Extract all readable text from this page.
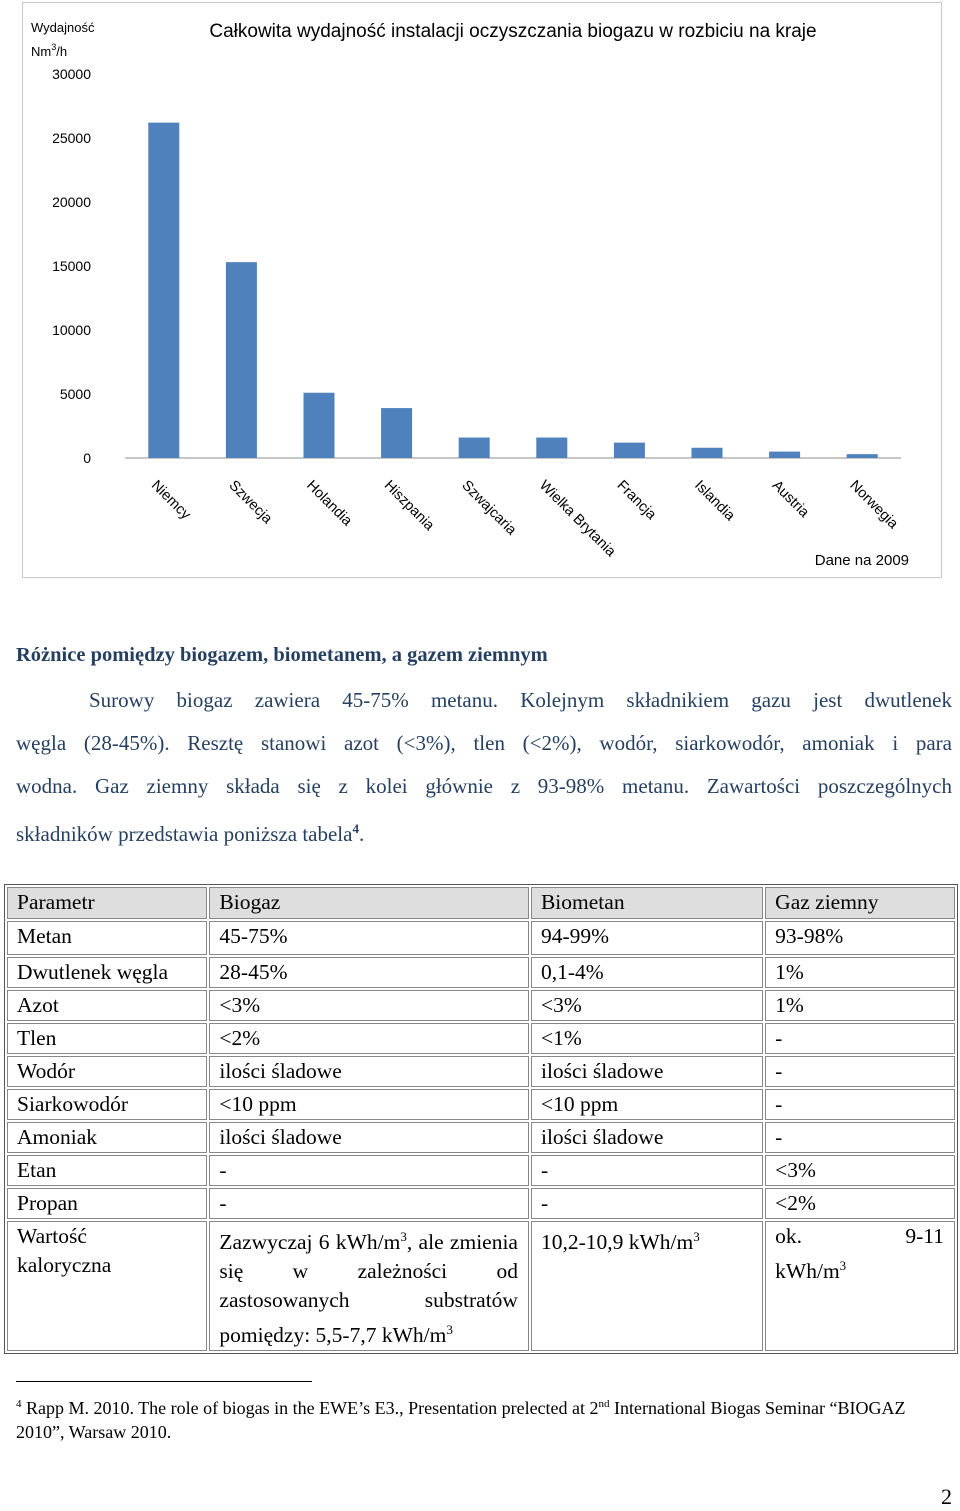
Całkowita wydajność instalacji oczyszczania biogazu w rozbiciu na kraje
Wydajność
Nm$^3$/h
30000
25000
20000
15000
10000
5000
0
Niemcy Szwecja Holandia Hiszpania Szwajcaria Wielka Brytania
Francja Islandia Austria Norwegia
Dane na 2009
Różnice pomiędzy biogazem, biometanem, a gazem ziemnym

Surowy biogaz zawiera 45-75% metanu. Kolejnym składnikiem gazu jest dwutlenek
węgla (28-45%). Resztę stanowi azot (<3%), tlen (<2%), wodór, siarkowodór, amoniak i para
wodna. Gaz ziemny składa się z kolei głównie z 93-98% metanu. Zawartości poszczególnych
składników przedstawia poniższa tabela$^4$.

Parametr	Biogaz	Biometan	Gaz ziemny
Metan	45-75%	94-99%	93-98%
Dwutlenek węgla	28-45%	0,1-4%	1%
Azot	<3%	<3%	1%
Tlen	<2%	<1%	-
Wodór	ilości śladowe	ilości śladowe	-
Siarkowodór	<10 ppm	<10 ppm	-
Amoniak	ilości śladowe	ilości śladowe	-
Etan	-	-	<3%
Propan	-	-	<2%
Wartość
kaloryczna	Zazwyczaj 6 kWh/$m^3$, ale zmienia się w zależności od zastosowanych substratów pomiędzy: 5,5-7,7 kWh/$m^3$	10,2-10,9 kWh/$m^3$	ok. 9-11
kWh/$m^3$

$^4$ Rapp M. 2010. The role of biogas in the EWE’s E3., Presentation prelected at 2nd International Biogas Seminar “BIOGAZ 2010”, Warsaw 2010.

2
